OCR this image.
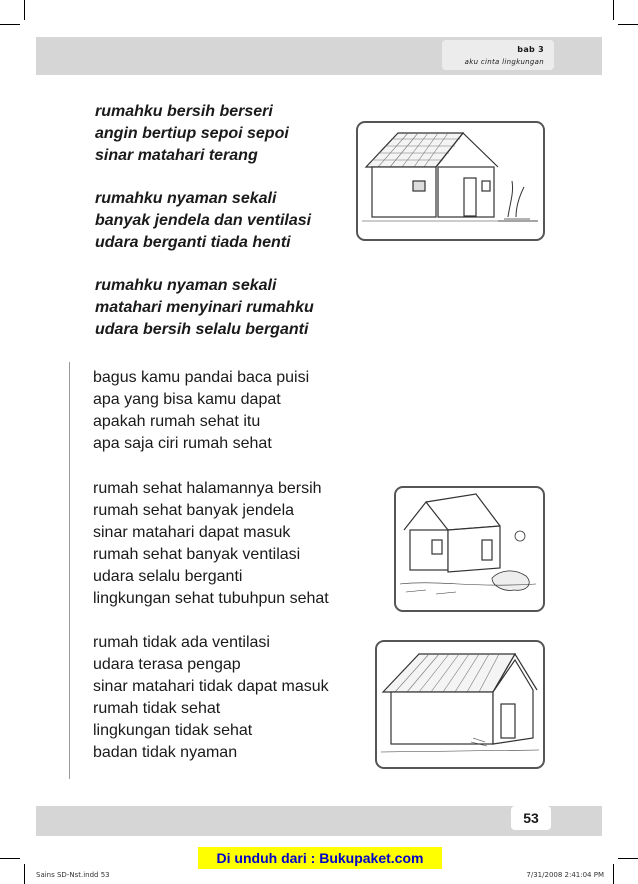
bab 3
aku cinta lingkungan

rumahku bersih berseri
angin bertiup sepoi sepoi
sinar matahari terang

rumahku nyaman sekali
banyak jendela dan ventilasi
udara berganti tiada henti

rumahku nyaman sekali
matahari menyinari rumahku
udara bersih selalu berganti

bagus kamu pandai baca puisi
apa yang bisa kamu dapat
apakah rumah sehat itu
apa saja ciri rumah sehat

rumah sehat halamannya bersih
rumah sehat banyak jendela
sinar matahari dapat masuk
rumah sehat banyak ventilasi
udara selalu berganti
lingkungan sehat tubuhpun sehat

rumah tidak ada ventilasi
udara terasa pengap
sinar matahari tidak dapat masuk
rumah tidak sehat
lingkungan tidak sehat
badan tidak nyaman

53
Di unduh dari : Bukupaket.com
Sains SD-Nst.indd 53	7/31/2008 2:41:04 PM
